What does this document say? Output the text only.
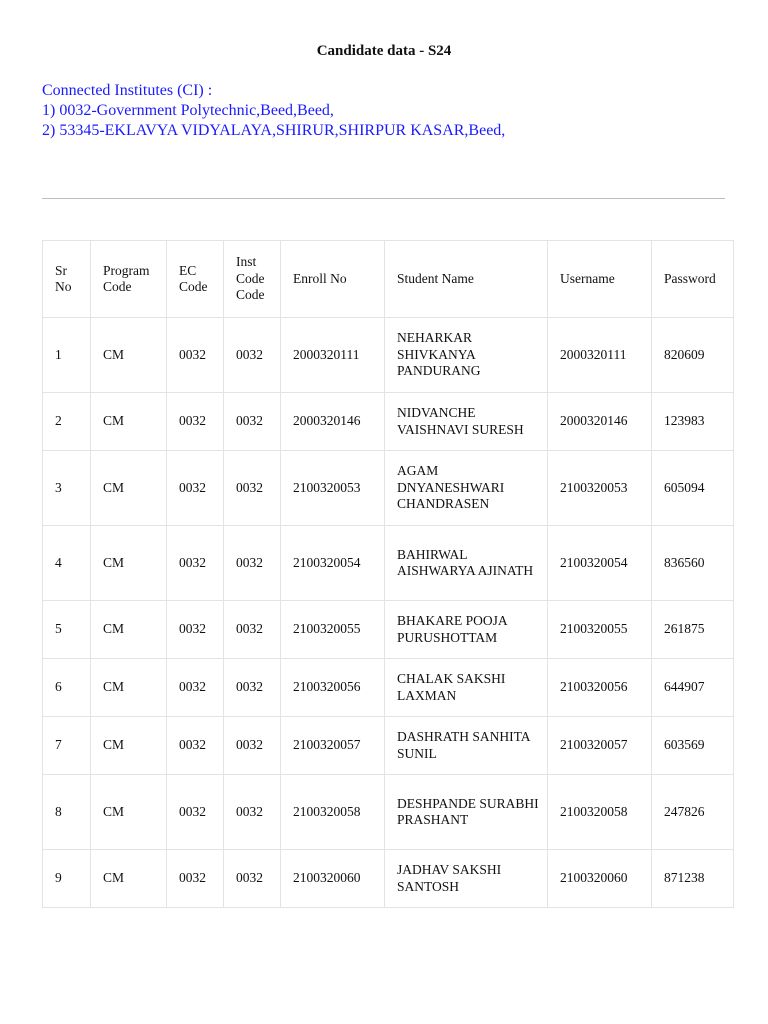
Candidate data - S24
Connected Institutes (CI) :
1) 0032-Government Polytechnic,Beed,Beed,
2) 53345-EKLAVYA VIDYALAYA,SHIRUR,SHIRPUR KASAR,Beed,
Sr No	Program Code	EC Code	Inst Code Code	Enroll No	Student Name	Username	Password
1	CM	0032	0032	2000320111	NEHARKAR SHIVKANYA PANDURANG	2000320111	820609
2	CM	0032	0032	2000320146	NIDVANCHE VAISHNAVI SURESH	2000320146	123983
3	CM	0032	0032	2100320053	AGAM DNYANESHWARI CHANDRASEN	2100320053	605094
4	CM	0032	0032	2100320054	BAHIRWAL AISHWARYA AJINATH	2100320054	836560
5	CM	0032	0032	2100320055	BHAKARE POOJA PURUSHOTTAM	2100320055	261875
6	CM	0032	0032	2100320056	CHALAK SAKSHI LAXMAN	2100320056	644907
7	CM	0032	0032	2100320057	DASHRATH SANHITA SUNIL	2100320057	603569
8	CM	0032	0032	2100320058	DESHPANDE SURABHI PRASHANT	2100320058	247826
9	CM	0032	0032	2100320060	JADHAV SAKSHI SANTOSH	2100320060	871238
